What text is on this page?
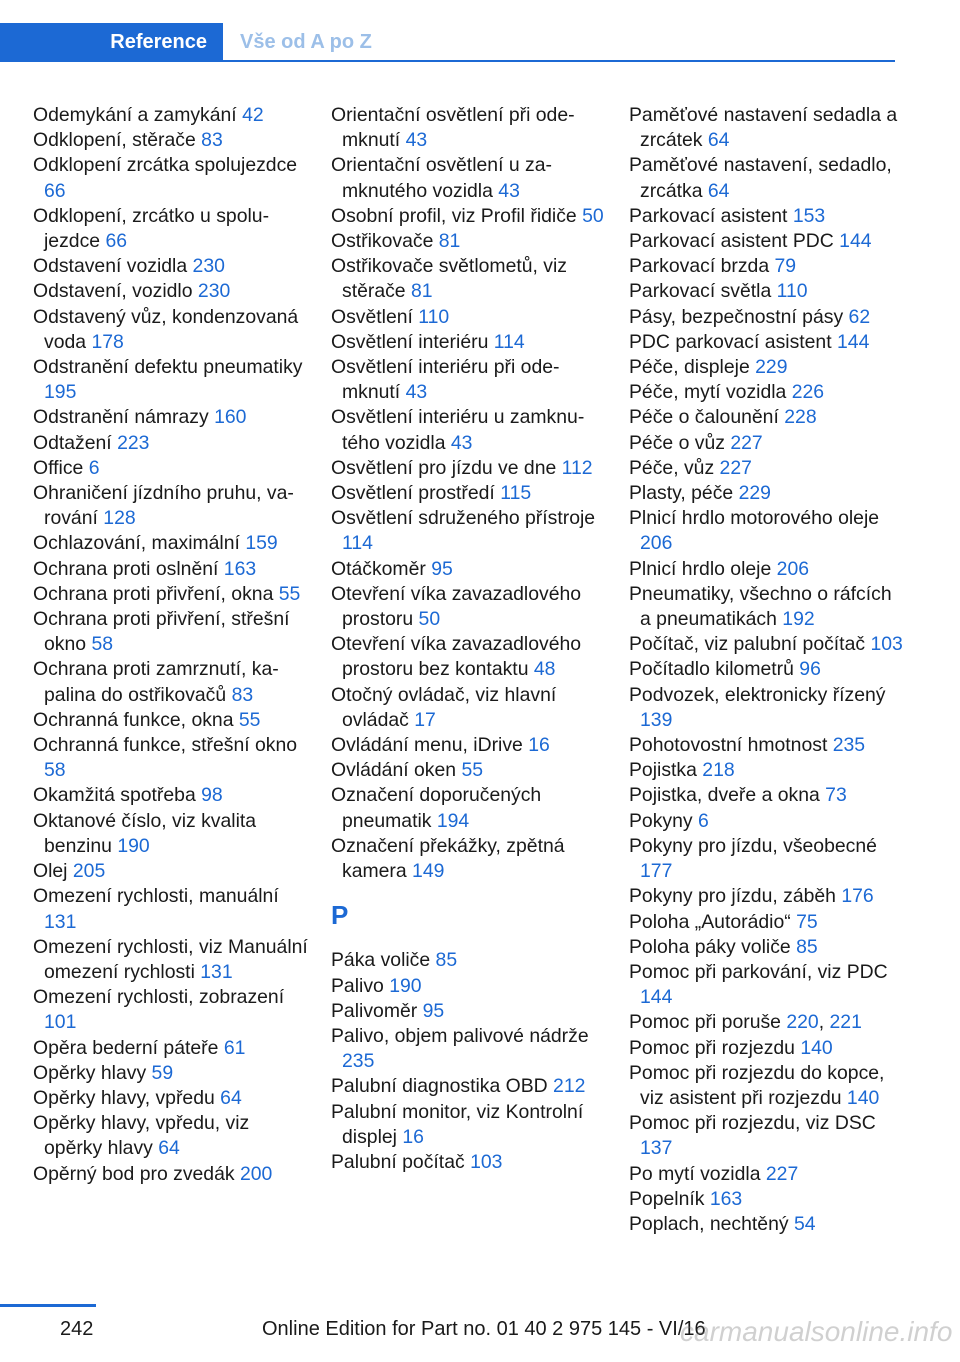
Reference Vše od A po Z
Odemykání a zamykání 42
Odklopení, stěrače 83
Odklopení zrcátka spolujezdce 66
Odklopení, zrcátko u spolujezdce 66
Odstavení vozidla 230
Odstavení, vozidlo 230
Odstavený vůz, kondenzovaná voda 178
Odstranění defektu pneumatiky 195
Odstranění námrazy 160
Odtažení 223
Office 6
Ohraničení jízdního pruhu, varování 128
Ochlazování, maximální 159
Ochrana proti oslnění 163
Ochrana proti přivření, okna 55
Ochrana proti přivření, střešní okno 58
Ochrana proti zamrznutí, kapalina do ostřikovačů 83
Ochranná funkce, okna 55
Ochranná funkce, střešní okno 58
Okamžitá spotřeba 98
Oktanové číslo, viz kvalita benzinu 190
Olej 205
Omezení rychlosti, manuální 131
Omezení rychlosti, viz Manuální omezení rychlosti 131
Omezení rychlosti, zobrazení 101
Opěra bederní páteře 61
Opěrky hlavy 59
Opěrky hlavy, vpředu 64
Opěrky hlavy, vpředu, viz opěrky hlavy 64
Opěrný bod pro zvedák 200
Orientační osvětlení při odemknutí 43
Orientační osvětlení u zamknutého vozidla 43
Osobní profil, viz Profil řidiče 50
Ostřikovače 81
Ostřikovače světlometů, viz stěrače 81
Osvětlení 110
Osvětlení interiéru 114
Osvětlení interiéru při odemknutí 43
Osvětlení interiéru u zamknutého vozidla 43
Osvětlení pro jízdu ve dne 112
Osvětlení prostředí 115
Osvětlení sdruženého přístroje 114
Otáčkoměr 95
Otevření víka zavazadlového prostoru 50
Otevření víka zavazadlového prostoru bez kontaktu 48
Otočný ovládač, viz hlavní ovládač 17
Ovládání menu, iDrive 16
Ovládání oken 55
Označení doporučených pneumatik 194
Označení překážky, zpětná kamera 149
P
Páka voliče 85
Palivo 190
Palivoměr 95
Palivo, objem palivové nádrže 235
Palubní diagnostika OBD 212
Palubní monitor, viz Kontrolní displej 16
Palubní počítač 103
Paměťové nastavení sedadla a zrcátek 64
Paměťové nastavení, sedadlo, zrcátka 64
Parkovací asistent 153
Parkovací asistent PDC 144
Parkovací brzda 79
Parkovací světla 110
Pásy, bezpečnostní pásy 62
PDC parkovací asistent 144
Péče, displeje 229
Péče, mytí vozidla 226
Péče o čalounění 228
Péče o vůz 227
Péče, vůz 227
Plasty, péče 229
Plnicí hrdlo motorového oleje 206
Plnicí hrdlo oleje 206
Pneumatiky, všechno o ráfcích a pneumatikách 192
Počítač, viz palubní počítač 103
Počítadlo kilometrů 96
Podvozek, elektronicky řízený 139
Pohotovostní hmotnost 235
Pojistka 218
Pojistka, dveře a okna 73
Pokyny 6
Pokyny pro jízdu, všeobecné 177
Pokyny pro jízdu, záběh 176
Poloha „Autorádio“ 75
Poloha páky voliče 85
Pomoc při parkování, viz PDC 144
Pomoc při poruše 220, 221
Pomoc při rozjezdu 140
Pomoc při rozjezdu do kopce, viz asistent při rozjezdu 140
Pomoc při rozjezdu, viz DSC 137
Po mytí vozidla 227
Popelník 163
Poplach, nechtěný 54
242	Online Edition for Part no. 01 40 2 975 145 - VI/16
carmanualsonline.info
